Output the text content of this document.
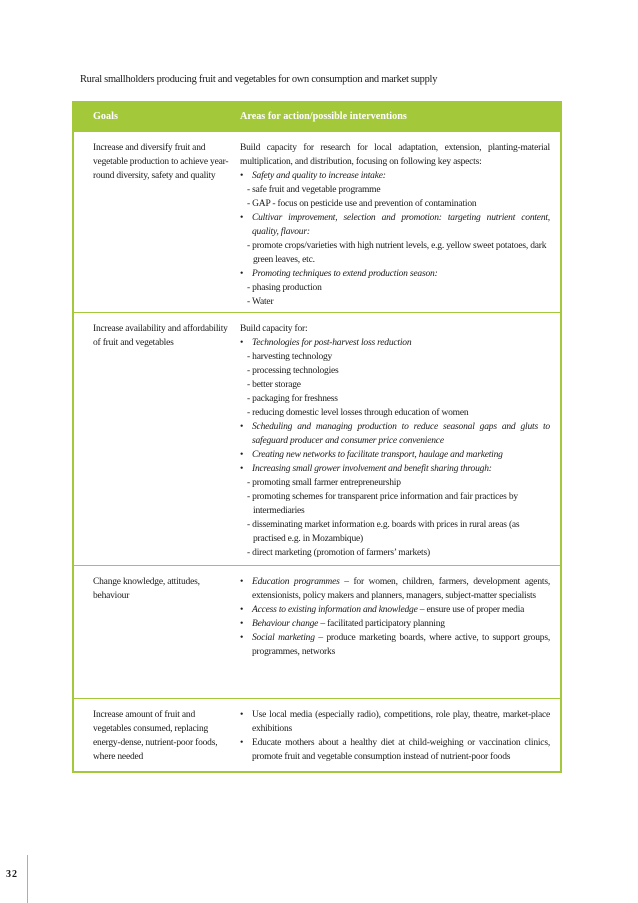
Rural smallholders producing fruit and vegetables for own consumption and market supply
Goals	Areas for action/possible interventions
Increase and diversify fruit and vegetable production to achieve year-round diversity, safety and quality
Build capacity for research for local adaptation, extension, planting-material multiplication, and distribution, focusing on following key aspects:
• Safety and quality to increase intake:
- safe fruit and vegetable programme
- GAP - focus on pesticide use and prevention of contamination
• Cultivar improvement, selection and promotion: targeting nutrient content, quality, flavour:
- promote crops/varieties with high nutrient levels, e.g. yellow sweet potatoes, dark green leaves, etc.
• Promoting techniques to extend production season:
- phasing production
- Water
Increase availability and affordability of fruit and vegetables
Build capacity for:
• Technologies for post-harvest loss reduction
- harvesting technology
- processing technologies
- better storage
- packaging for freshness
- reducing domestic level losses through education of women
• Scheduling and managing production to reduce seasonal gaps and gluts to safeguard producer and consumer price convenience
• Creating new networks to facilitate transport, haulage and marketing
• Increasing small grower involvement and benefit sharing through:
- promoting small farmer entrepreneurship
- promoting schemes for transparent price information and fair practices by intermediaries
- disseminating market information e.g. boards with prices in rural areas (as practised e.g. in Mozambique)
- direct marketing (promotion of farmers’ markets)
Change knowledge, attitudes, behaviour
• Education programmes – for women, children, farmers, development agents, extensionists, policy makers and planners, managers, subject-matter specialists
• Access to existing information and knowledge – ensure use of proper media
• Behaviour change – facilitated participatory planning
• Social marketing – produce marketing boards, where active, to support groups, programmes, networks
Increase amount of fruit and vegetables consumed, replacing energy-dense, nutrient-poor foods, where needed
• Use local media (especially radio), competitions, role play, theatre, market-place exhibitions
• Educate mothers about a healthy diet at child-weighing or vaccination clinics, promote fruit and vegetable consumption instead of nutrient-poor foods
32
